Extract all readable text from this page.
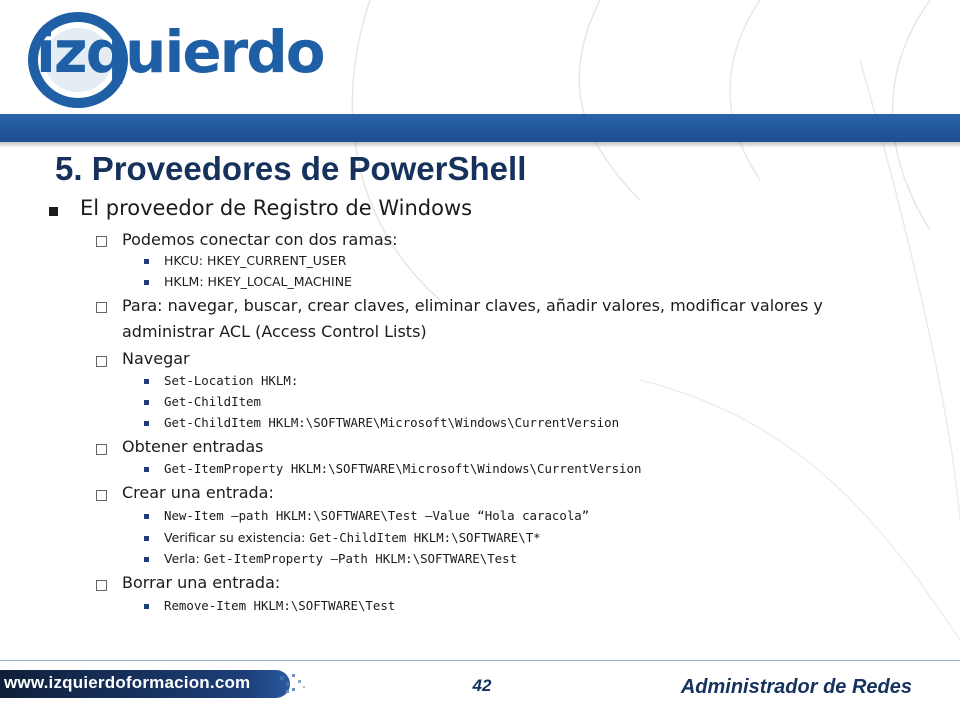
izquierdo
5. Proveedores de PowerShell
El proveedor de Registro de Windows
Podemos conectar con dos ramas:
HKCU: HKEY_CURRENT_USER
HKLM: HKEY_LOCAL_MACHINE
Para: navegar, buscar, crear claves, eliminar claves, añadir valores, modificar valores y administrar ACL (Access Control Lists)
Navegar
Set-Location HKLM:
Get-ChildItem
Get-ChildItem HKLM:\SOFTWARE\Microsoft\Windows\CurrentVersion
Obtener entradas
Get-ItemProperty HKLM:\SOFTWARE\Microsoft\Windows\CurrentVersion
Crear una entrada:
New-Item –path HKLM:\SOFTWARE\Test –Value “Hola caracola”
Verificar su existencia: Get-ChildItem HKLM:\SOFTWARE\T*
Verla: Get-ItemProperty –Path HKLM:\SOFTWARE\Test
Borrar una entrada:
Remove-Item HKLM:\SOFTWARE\Test
www.izquierdoformacion.com	42	Administrador de Redes
